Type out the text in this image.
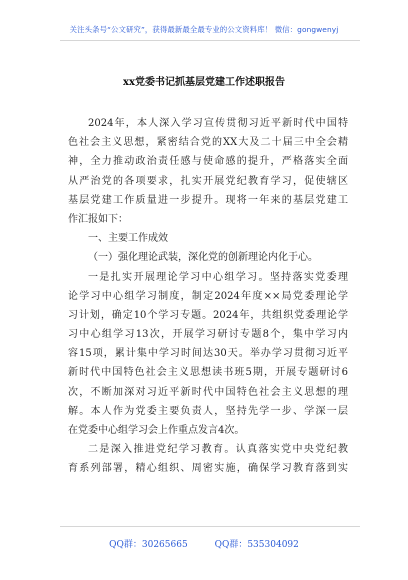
关注头条号“公文研究”，获得最新最全最专业的公文资料库！ 微信：gongwenyj
xx党委书记抓基层党建工作述职报告
2024年，本人深入学习宣传贯彻习近平新时代中国特
色社会主义思想，紧密结合党的XX大及二十届三中全会精
神，全力推动政治责任感与使命感的提升，严格落实全面
从严治党的各项要求，扎实开展党纪教育学习，促使辖区
基层党建工作质量进一步提升。现将一年来的基层党建工
作汇报如下：
一、主要工作成效
（一）强化理论武装，深化党的创新理论内化于心。
一是扎实开展理论学习中心组学习。坚持落实党委理
论学习中心组学习制度，制定2024年度××局党委理论学
习计划，确定10个学习专题。2024年，共组织党委理论学
习中心组学习13次，开展学习研讨专题8个，集中学习内
容15项，累计集中学习时间达30天。举办学习贯彻习近平
新时代中国特色社会主义思想读书班5期，开展专题研讨6
次，不断加深对习近平新时代中国特色社会主义思想的理
解。本人作为党委主要负责人，坚持先学一步、学深一层
在党委中心组学习会上作重点发言4次。
二是深入推进党纪学习教育。认真落实党中央党纪教
育系列部署，精心组织、周密实施，确保学习教育落到实
QQ群：30265665	QQ群：535304092
